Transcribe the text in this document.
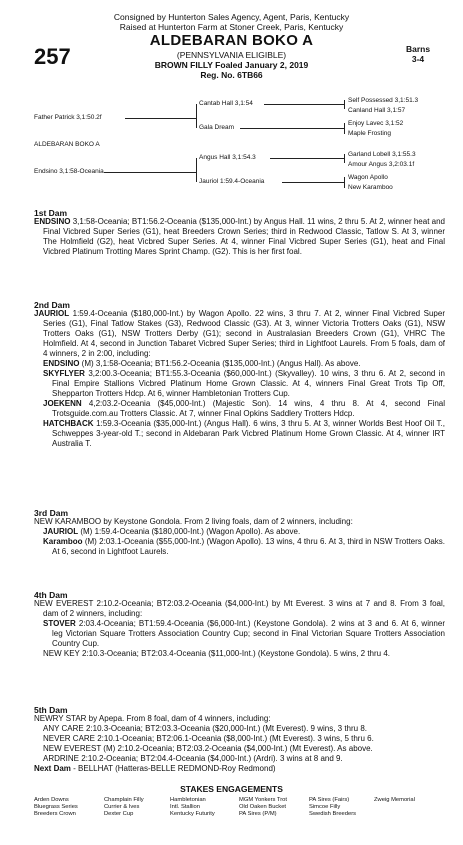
Consigned by Hunterton Sales Agency, Agent, Paris, Kentucky
Raised at Hunterton Farm at Stoner Creek, Paris, Kentucky
257
ALDEBARAN BOKO A
(PENNSYLVANIA ELIGIBLE)
BROWN FILLY Foaled January 2, 2019
Reg. No. 6TB66
Barns
3-4
Father Patrick 3,1:50.2f
Cantab Hall 3,1:54
Gala Dream
Self Possessed 3,1:51.3
Canland Hall 3,1:57
Enjoy Lavec 3,1:52
Maple Frosting
ALDEBARAN BOKO A
Endsino 3,1:58-Oceania
Angus Hall 3,1:54.3
Jauriol 1:59.4-Oceania
Garland Lobell 3,1:55.3
Amour Angus 3,2:03.1f
Wagon Apollo
New Karamboo
1st Dam

ENDSINO 3,1:58-Oceania; BT1:56.2-Oceania ($135,000-Int.) by Angus Hall. 11 wins, 2 thru 5. At 2, winner heat and Final Vicbred Super Series (G1), heat Breeders Crown Series; third in Redwood Classic, Tatlow S. At 3, winner The Holmfield (G2), heat Vicbred Super Series. At 4, winner Final Vicbred Super Series (G1), heat and Final Vicbred Platinum Trotting Mares Sprint Champ. (G2). This is her first foal.

2nd Dam

JAURIOL 1:59.4-Oceania ($180,000-Int.) by Wagon Apollo. 22 wins, 3 thru 7. At 2, winner Final Vicbred Super Series (G1), Final Tatlow Stakes (G3), Redwood Classic (G3). At 3, winner Victoria Trotters Oaks (G1), NSW Trotters Oaks (G1), NSW Trotters Derby (G1); second in Australasian Breeders Crown (G1), VHRC The Holmfield. At 4, second in Junction Tabaret Vicbred Super Series; third in Lightfoot Laurels. From 5 foals, dam of 4 winners, 2 in 2:00, including:

ENDSINO (M) 3,1:58-Oceania; BT1:56.2-Oceania ($135,000-Int.) (Angus Hall). As above.

SKYFLYER 3,2:00.3-Oceania; BT1:55.3-Oceania ($60,000-Int.) (Skyvalley). 10 wins, 3 thru 6. At 2, second in Final Empire Stallions Vicbred Platinum Home Grown Classic. At 4, winners Final Great Trots Tip Off, Shepparton Trotters Hdcp. At 6, winner Hambletonian Trotters Cup.

JOEKENN 4,2:03.2-Oceania ($45,000-Int.) (Majestic Son). 14 wins, 4 thru 8. At 4, second Final Trotsguide.com.au Trotters Classic. At 7, winner Final Opkins Saddlery Trotters Hdcp.

HATCHBACK 1:59.3-Oceania ($35,000-Int.) (Angus Hall). 6 wins, 3 thru 5. At 3, winner Worlds Best Hoof Oil T., Schweppes 3-year-old T.; second in Aldebaran Park Vicbred Platinum Home Grown Classic. At 4, winner IRT Australia T.

3rd Dam

NEW KARAMBOO by Keystone Gondola. From 2 living foals, dam of 2 winners, including:

JAURIOL (M) 1:59.4-Oceania ($180,000-Int.) (Wagon Apollo). As above.

Karamboo (M) 2:03.1-Oceania ($55,000-Int.) (Wagon Apollo). 13 wins, 4 thru 6. At 3, third in NSW Trotters Oaks. At 6, second in Lightfoot Laurels.

4th Dam

NEW EVEREST 2:10.2-Oceania; BT2:03.2-Oceania ($4,000-Int.) by Mt Everest. 3 wins at 7 and 8. From 3 foal, dam of 2 winners, including:

STOVER 2:03.4-Oceania; BT1:59.4-Oceania ($6,000-Int.) (Keystone Gondola). 2 wins at 3 and 6. At 6, winner leg Victorian Square Trotters Association Country Cup; second in Final Victorian Square Trotters Association Country Cup.

NEW KEY 2:10.3-Oceania; BT2:03.4-Oceania ($11,000-Int.) (Keystone Gondola). 5 wins, 2 thru 4.

5th Dam

NEWRY STAR by Apepa. From 8 foal, dam of 4 winners, including:

ANY CARE 2:10.3-Oceania; BT2:03.3-Oceania ($20,000-Int.) (Mt Everest). 9 wins, 3 thru 8.

NEVER CARE 2:10.1-Oceania; BT2:06.1-Oceania ($8,000-Int.) (Mt Everest). 3 wins, 5 thru 6.

NEW EVEREST (M) 2:10.2-Oceania; BT2:03.2-Oceania ($4,000-Int.) (Mt Everest). As above.

ARDRINE 2:10.2-Oceania; BT2:04.4-Oceania ($4,000-Int.) (Ardri). 3 wins at 8 and 9.

Next Dam - BELLHAT (Hatteras-BELLE REDMOND-Roy Redmond)

STAKES ENGAGEMENTS
Arden Downs
Bluegrass Series
Breeders Crown
Champlain Filly
Currier & Ives
Dexter Cup
Hambletonian
Intl. Stallion
Kentucky Futurity
MGM Yonkers Trot
Old Oaken Bucket
PA Sires (P/M)
PA Sires (Fairs)
Simcoe Filly
Swedish Breeders
Zweig Memorial
